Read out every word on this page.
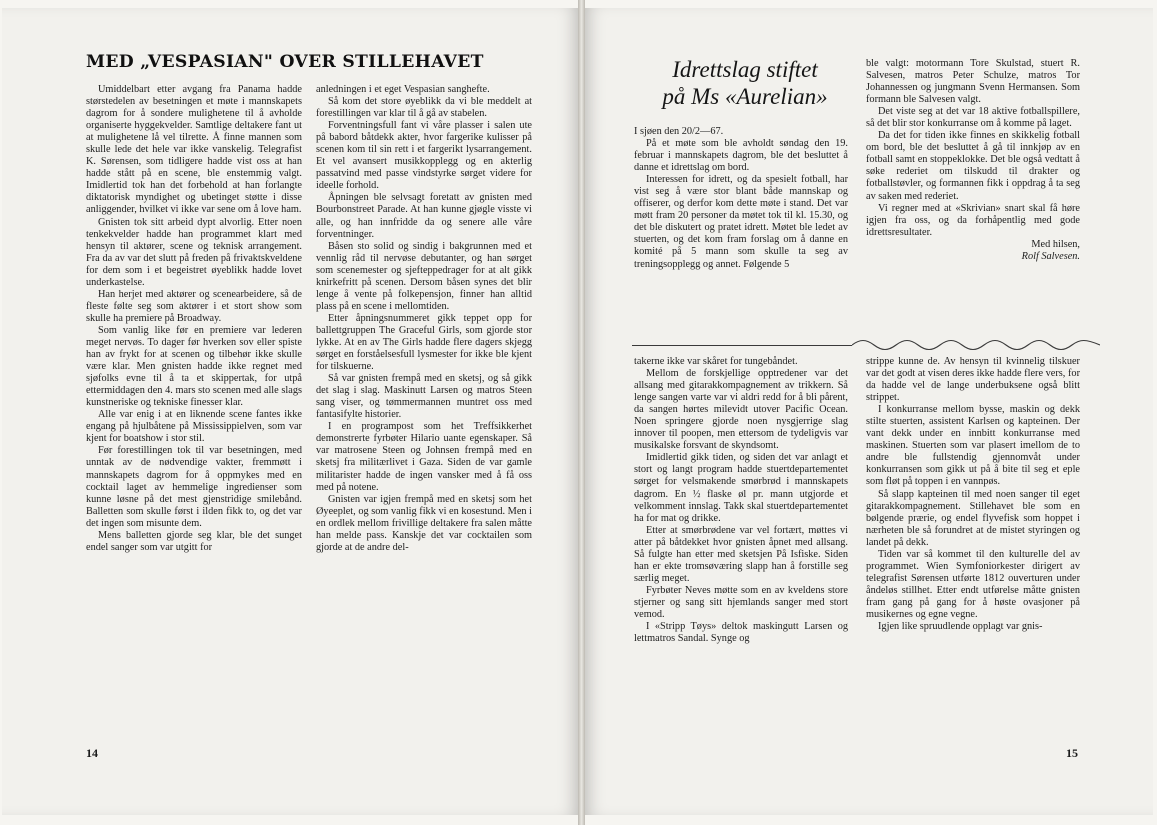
MED „VESPASIAN" OVER STILLEHAVET

Umiddelbart etter avgang fra Panama hadde størstedelen av besetningen et møte i mannskapets dagrom for å sondere mulighetene til å avholde organiserte hyggekvelder. Samtlige deltakere fant ut at mulighetene lå vel tilrette. Å finne mannen som skulle lede det hele var ikke vanskelig. Telegrafist K. Sørensen, som tidligere hadde vist oss at han hadde stått på en scene, ble enstemmig valgt. Imidlertid tok han det forbehold at han forlangte diktatorisk myndighet og ubetinget støtte i disse anliggender, hvilket vi ikke var sene om å love ham.

Gnisten tok sitt arbeid dypt alvorlig. Etter noen tenkekvelder hadde han programmet klart med hensyn til aktører, scene og teknisk arrangement. Fra da av var det slutt på freden på frivaktskveldene for dem som i et begeistret øyeblikk hadde lovet underkastelse.

Han herjet med aktører og scenearbeidere, så de fleste følte seg som aktører i et stort show som skulle ha premiere på Broadway.

Som vanlig like før en premiere var lederen meget nervøs. To dager før hverken sov eller spiste han av frykt for at scenen og tilbehør ikke skulle være klar. Men gnisten hadde ikke regnet med sjøfolks evne til å ta et skippertak, for utpå ettermiddagen den 4. mars sto scenen med alle slags kunstneriske og tekniske finesser klar.

Alle var enig i at en liknende scene fantes ikke engang på hjulbåtene på Mississippielven, som var kjent for boatshow i stor stil.

Før forestillingen tok til var besetningen, med unntak av de nødvendige vakter, fremmøtt i mannskapets dagrom for å oppmykes med en cocktail laget av hemmelige ingredienser som kunne løsne på det mest gjenstridige smilebånd. Balletten som skulle først i ilden fikk to, og det var det ingen som misunte dem.

Mens balletten gjorde seg klar, ble det sunget endel sanger som var utgitt for

anledningen i et eget Vespasian sanghefte.

Så kom det store øyeblikk da vi ble meddelt at forestillingen var klar til å gå av stabelen.

Forventningsfull fant vi våre plasser i salen ute på babord båtdekk akter, hvor fargerike kulisser på scenen kom til sin rett i et fargerikt lysarrangement. Et vel avansert musikkopplegg og en akterlig passatvind med passe vindstyrke sørget videre for ideelle forhold.

Åpningen ble selvsagt foretatt av gnisten med Bourbonstreet Parade. At han kunne gjøgle visste vi alle, og han innfridde da og senere alle våre forventninger.

Båsen sto solid og sindig i bakgrunnen med et vennlig råd til nervøse debutanter, og han sørget som scenemester og sjefteppedrager for at alt gikk knirkefritt på scenen. Dersom båsen synes det blir lenge å vente på folkepensjon, finner han alltid plass på en scene i mellomtiden.

Etter åpningsnummeret gikk teppet opp for ballettgruppen The Graceful Girls, som gjorde stor lykke. At en av The Girls hadde flere dagers skjegg sørget en forståelsesfull lysmester for ikke ble kjent for tilskuerne.

Så var gnisten frempå med en sketsj, og så gikk det slag i slag. Maskinutt Larsen og matros Steen sang viser, og tømmermannen muntret oss med fantasifylte historier.

I en programpost som het Treffsikkerhet demonstrerte fyrbøter Hilario uante egenskaper. Så var matrosene Steen og Johnsen frempå med en sketsj fra militærlivet i Gaza. Siden de var gamle militarister hadde de ingen vansker med å få oss med på notene.

Gnisten var igjen frempå med en sketsj som het Øyeeplet, og som vanlig fikk vi en kosestund. Men i en ordlek mellom frivillige deltakere fra salen måtte han melde pass. Kanskje det var cocktailen som gjorde at de andre del-

14
Idrettslag stiftet
på Ms «Aurelian»

I sjøen den 20/2—67.

På et møte som ble avholdt søndag den 19. februar i mannskapets dagrom, ble det besluttet å danne et idrettslag om bord.

Interessen for idrett, og da spesielt fotball, har vist seg å være stor blant både mannskap og offiserer, og derfor kom dette møte i stand. Det var møtt fram 20 personer da møtet tok til kl. 15.30, og det ble diskutert og pratet idrett. Møtet ble ledet av stuerten, og det kom fram forslag om å danne en komité på 5 mann som skulle ta seg av treningsopplegg og annet. Følgende 5

ble valgt: motormann Tore Skulstad, stuert R. Salvesen, matros Peter Schulze, matros Tor Johannessen og jungmann Svenn Hermansen. Som formann ble Salvesen valgt.

Det viste seg at det var 18 aktive fotballspillere, så det blir stor konkurranse om å komme på laget.

Da det for tiden ikke finnes en skikkelig fotball om bord, ble det besluttet å gå til innkjøp av en fotball samt en stoppeklokke. Det ble også vedtatt å søke rederiet om tilskudd til drakter og fotballstøvler, og formannen fikk i oppdrag å ta seg av saken med rederiet.

Vi regner med at «Skrivian» snart skal få høre igjen fra oss, og da forhåpentlig med gode idrettsresultater.

Med hilsen,

Rolf Salvesen.

takerne ikke var skåret for tungebåndet.

Mellom de forskjellige opptredener var det allsang med gitarakkompagnement av trikkern. Så lenge sangen varte var vi aldri redd for å bli pårent, da sangen hørtes milevidt utover Pacific Ocean. Noen springere gjorde noen nysgjerrige slag innover til poopen, men ettersom de tydeligvis var musikalske forsvant de skyndsomt.

Imidlertid gikk tiden, og siden det var anlagt et stort og langt program hadde stuertdepartementet sørget for velsmakende smørbrød i mannskapets dagrom. En ½ flaske øl pr. mann utgjorde et velkomment innslag. Takk skal stuertdepartementet ha for mat og drikke.

Etter at smørbrødene var vel fortært, møttes vi atter på båtdekket hvor gnisten åpnet med allsang. Så fulgte han etter med sketsjen På Isfiske. Siden han er ekte tromsøværing slapp han å forstille seg særlig meget.

Fyrbøter Neves møtte som en av kveldens store stjerner og sang sitt hjemlands sanger med stort vemod.

I «Stripp Tøys» deltok maskingutt Larsen og lettmatros Sandal. Synge og

strippe kunne de. Av hensyn til kvinnelig tilskuer var det godt at visen deres ikke hadde flere vers, for da hadde vel de lange underbuksene også blitt strippet.

I konkurranse mellom bysse, maskin og dekk stilte stuerten, assistent Karlsen og kapteinen. Der vant dekk under en innbitt konkurranse med maskinen. Stuerten som var plasert imellom de to andre ble fullstendig gjennomvåt under konkurransen som gikk ut på å bite til seg et eple som fløt på toppen i en vannpøs.

Så slapp kapteinen til med noen sanger til eget gitarakkompagnement. Stillehavet ble som en bølgende prærie, og endel flyvefisk som hoppet i nærheten ble så forundret at de mistet styringen og landet på dekk.

Tiden var så kommet til den kulturelle del av programmet. Wien Symfoniorkester dirigert av telegrafist Sørensen utførte 1812 ouverturen under åndeløs stillhet. Etter endt utførelse måtte gnisten fram gang på gang for å høste ovasjoner på musikernes og egne vegne.

Igjen like spruudlende opplagt var gnis-

15
